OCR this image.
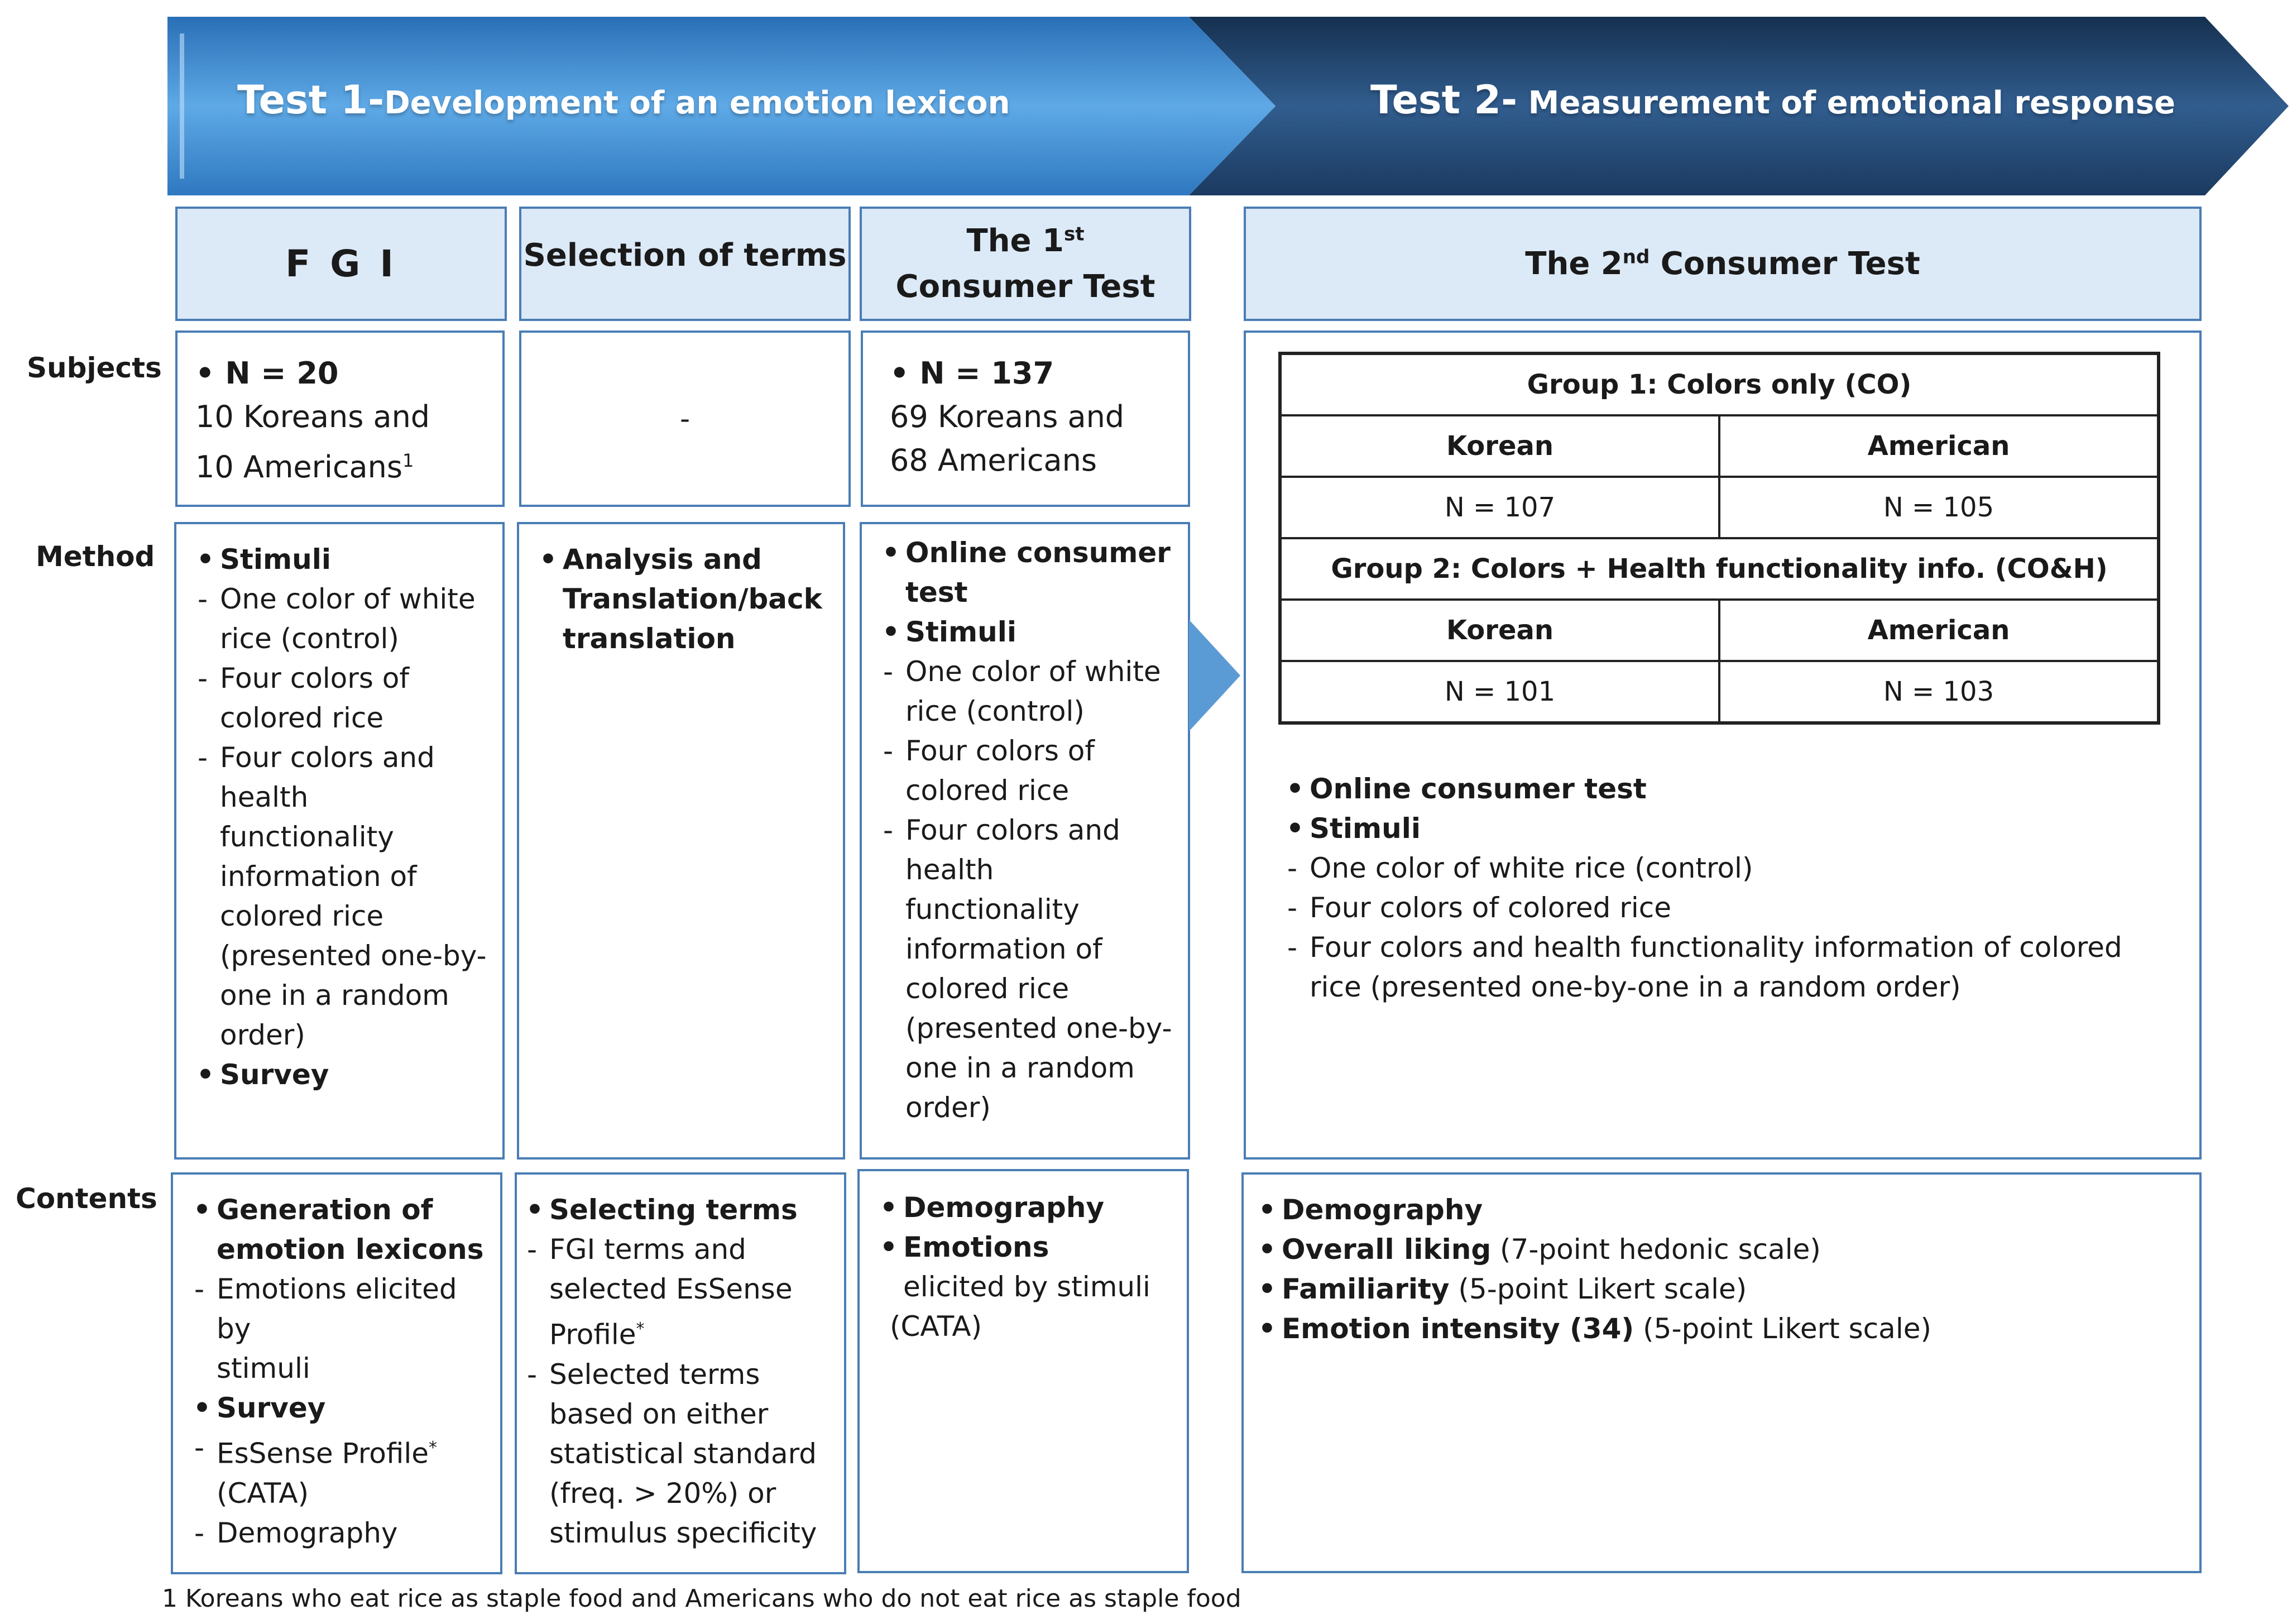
Test 1-Development of an emotion lexicon	Test 2- Measurement of emotional response
F G I	Selection of terms	The 1st
Consumer Test
The 2nd Consumer Test
Subjects
Method
Contents
• N = 20
10 Koreans and
10 Americans$^1$
-
• N = 137
69 Koreans and
68 Americans
• Stimuli
- One color of white
rice (control)
- Four colors of
colored rice
- Four colors and
health functionality
information of
colored rice
(presented one-by-
one in a random
order)
• Survey
• Analysis and
Translation/back
translation
• Online consumer
test
• Stimuli
- One color of white
rice (control)
- Four colors of
colored rice
- Four colors and
health functionality
information of
colored rice
(presented one-by-
one in a random
order)
• Online consumer test
• Stimuli
- One color of white rice (control)
- Four colors of colored rice
- Four colors and health functionality information of colored
rice (presented one-by-one in a random order)
Group 1: Colors only (CO)	
Korean	American
N = 107	N = 105
Group 2: Colors + Health functionality info. (CO&H)	
Korean	American
N = 101	N = 103
• Generation of
emotion lexicons
- Emotions elicited by
stimuli
• Survey
- EsSense Profile*
(CATA)
- Demography
• Selecting terms
- FGI terms and
selected EsSense
Profile*
- Selected terms
based on either
statistical standard
(freq. > 20%) or
stimulus specificity
• Demography
• Emotions
elicited by stimuli
(CATA)
• Demography
• Overall liking (7-point hedonic scale)
• Familiarity (5-point Likert scale)
• Emotion intensity (34) (5-point Likert scale)
1 Koreans who eat rice as staple food and Americans who do not eat rice as staple food
